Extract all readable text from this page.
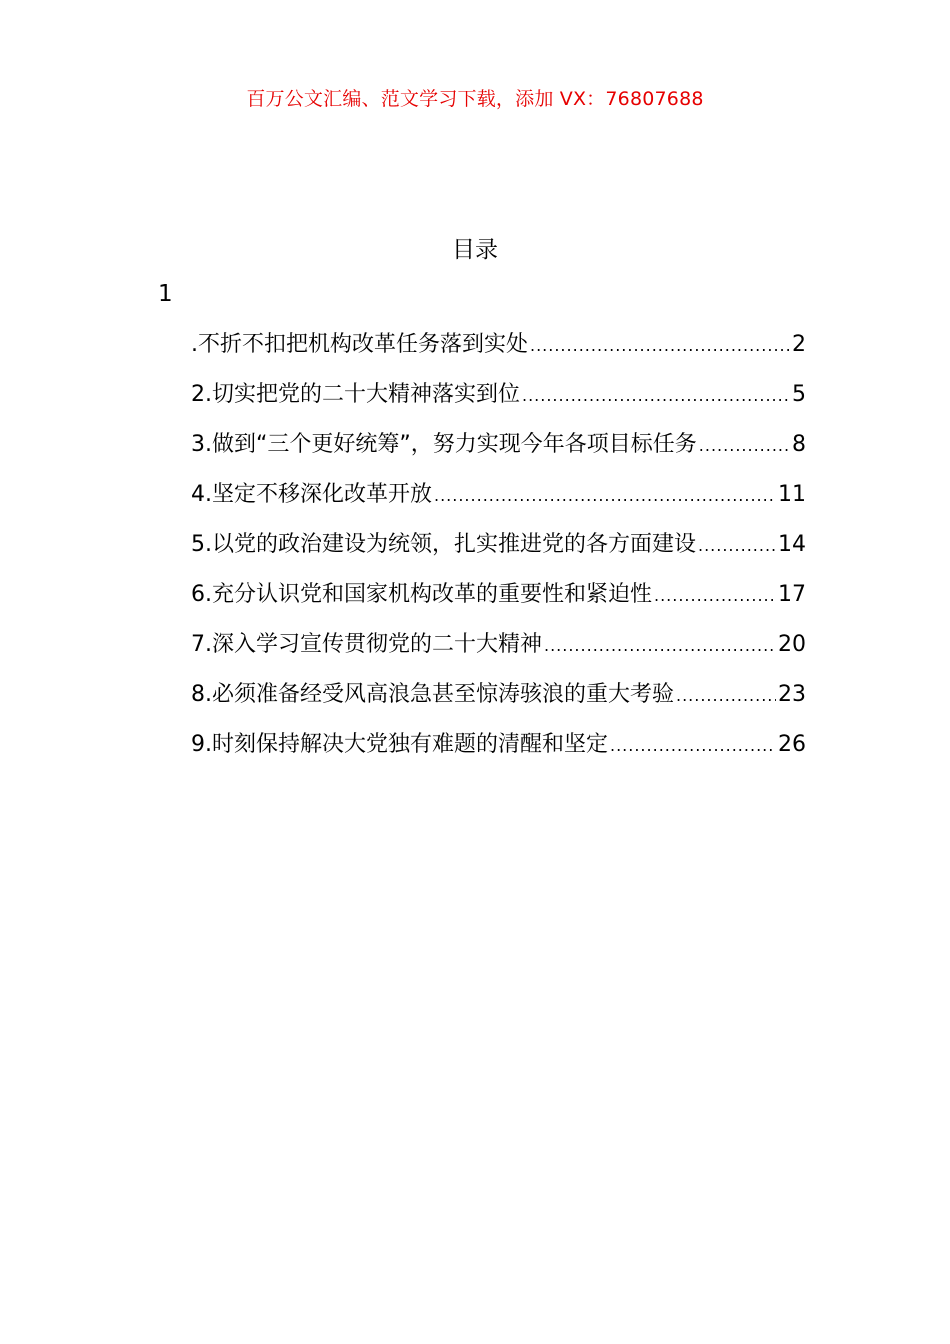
百万公文汇编、范文学习下载，添加 VX：76807688
目录
1
.不折不扣把机构改革任务落到实处 .....	2
2.切实把党的二十大精神落实到位 .....	5
3.做到“三个更好统筹”，努力实现今年各项目标任务 .....	8
4.坚定不移深化改革开放 .....	11
5.以党的政治建设为统领，扎实推进党的各方面建设 .....	14
6.充分认识党和国家机构改革的重要性和紧迫性 .....	17
7.深入学习宣传贯彻党的二十大精神 .....	20
8.必须准备经受风高浪急甚至惊涛骇浪的重大考验 .....	23
9.时刻保持解决大党独有难题的清醒和坚定 .....	26
